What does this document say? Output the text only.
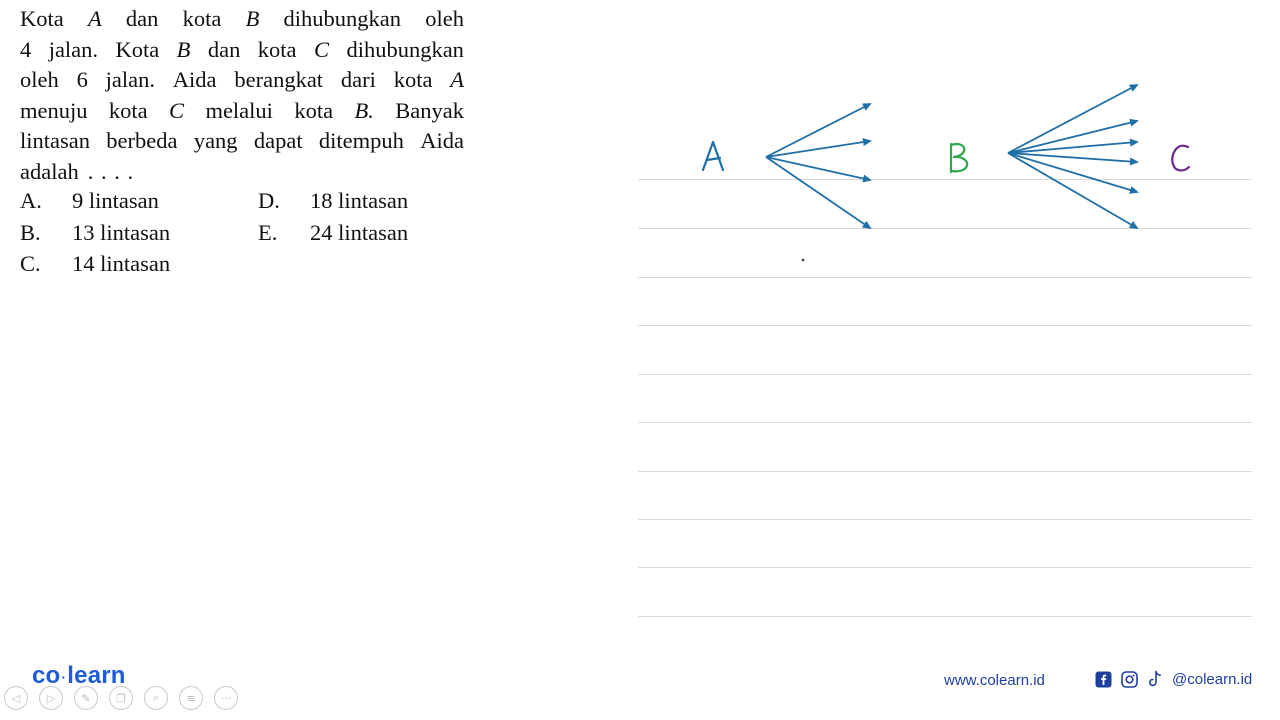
Kota A dan kota B dihubungkan oleh
4 jalan. Kota B dan kota C dihubungkan
oleh 6 jalan. Aida berangkat dari kota A
menuju kota C melalui kota B. Banyak
lintasan berbeda yang dapat ditempuh Aida
adalah . . . .
A. 9 lintasan
B. 13 lintasan
C. 14 lintasan
D. 18 lintasan
E. 24 lintasan
A	B	C
co·learn
◁	▷	✎	❐	⌕	≡	···
www.colearn.id	@colearn.id
